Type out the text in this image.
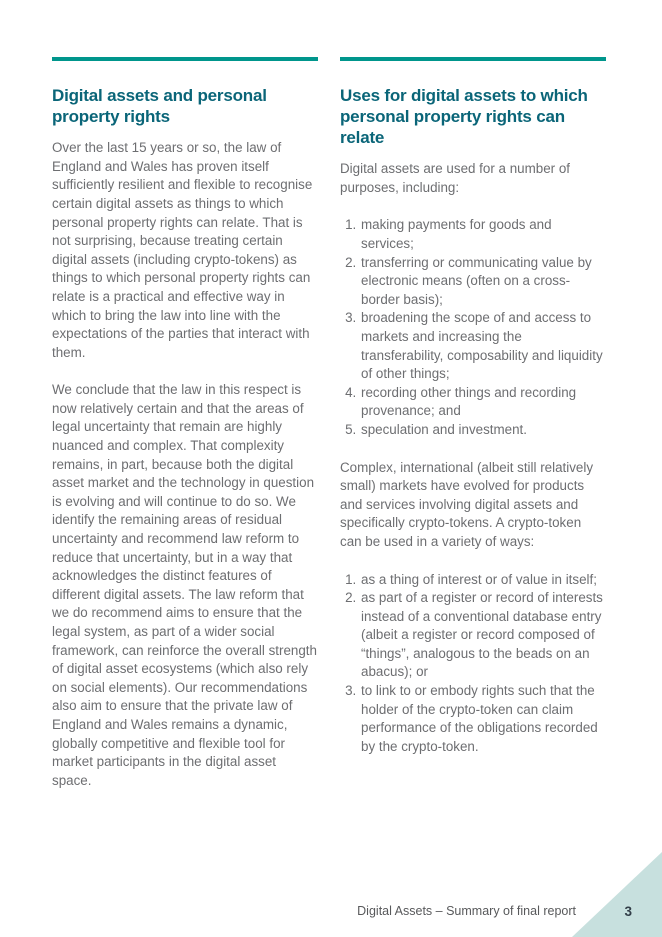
Digital assets and personal property rights

Over the last 15 years or so, the law of England and Wales has proven itself sufficiently resilient and flexible to recognise certain digital assets as things to which personal property rights can relate. That is not surprising, because treating certain digital assets (including crypto-tokens) as things to which personal property rights can relate is a practical and effective way in which to bring the law into line with the expectations of the parties that interact with them.

We conclude that the law in this respect is now relatively certain and that the areas of legal uncertainty that remain are highly nuanced and complex. That complexity remains, in part, because both the digital asset market and the technology in question is evolving and will continue to do so. We identify the remaining areas of residual uncertainty and recommend law reform to reduce that uncertainty, but in a way that acknowledges the distinct features of different digital assets. The law reform that we do recommend aims to ensure that the legal system, as part of a wider social framework, can reinforce the overall strength of digital asset ecosystems (which also rely on social elements). Our recommendations also aim to ensure that the private law of England and Wales remains a dynamic, globally competitive and flexible tool for market participants in the digital asset space.

Uses for digital assets to which personal property rights can relate

Digital assets are used for a number of purposes, including:

1. making payments for goods and services;
2. transferring or communicating value by electronic means (often on a cross-border basis);
3. broadening the scope of and access to markets and increasing the transferability, composability and liquidity of other things;
4. recording other things and recording provenance; and
5. speculation and investment.

Complex, international (albeit still relatively small) markets have evolved for products and services involving digital assets and specifically crypto-tokens. A crypto-token can be used in a variety of ways:

1. as a thing of interest or of value in itself;
2. as part of a register or record of interests instead of a conventional database entry (albeit a register or record composed of “things”, analogous to the beads on an abacus); or
3. to link to or embody rights such that the holder of the crypto-token can claim performance of the obligations recorded by the crypto-token.
Digital Assets – Summary of final report	3
